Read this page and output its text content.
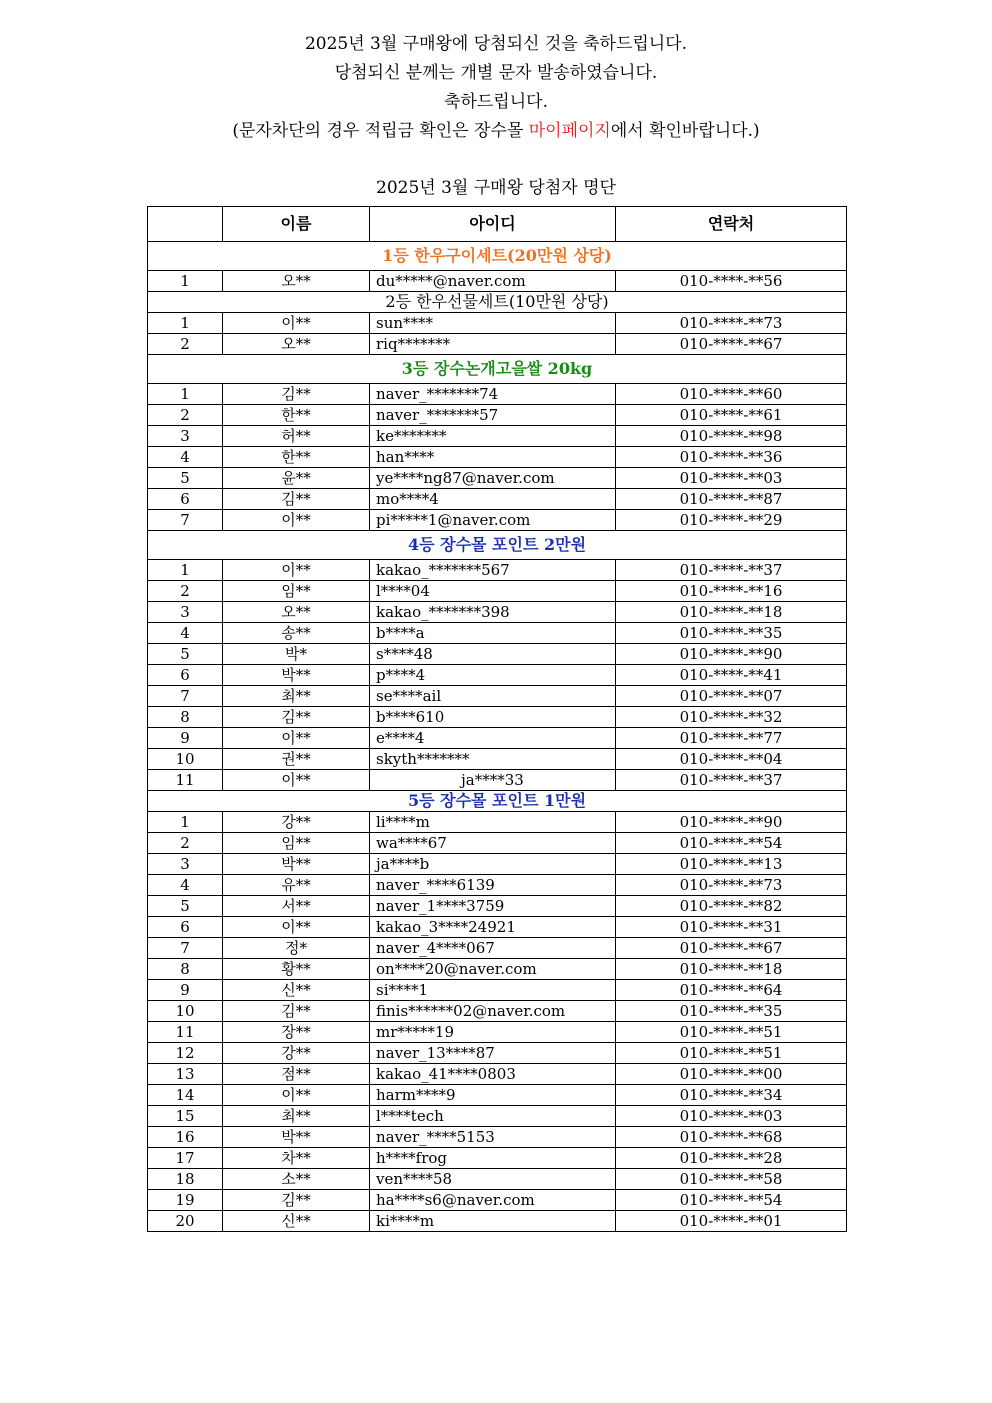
2025년 3월 구매왕에 당첨되신 것을 축하드립니다.
당첨되신 분께는 개별 문자 발송하였습니다.
축하드립니다.
(문자차단의 경우 적립금 확인은 장수몰 마이페이지에서 확인바랍니다.)
2025년 3월 구매왕 당첨자 명단
	이름	아이디	연락처
1등 한우구이세트(20만원 상당)			
1	오**	du*****@naver.com	010-****-**56
2등 한우선물세트(10만원 상당)			
1	이**	sun****	010-****-**73
2	오**	riq*******	010-****-**67
3등 장수논개고을쌀 20kg			
1	김**	naver_*******74	010-****-**60
2	한**	naver_*******57	010-****-**61
3	허**	ke*******	010-****-**98
4	한**	han****	010-****-**36
5	윤**	ye****ng87@naver.com	010-****-**03
6	김**	mo****4	010-****-**87
7	이**	pi*****1@naver.com	010-****-**29
4등 장수몰 포인트 2만원			
1	이**	kakao_*******567	010-****-**37
2	임**	l****04	010-****-**16
3	오**	kakao_*******398	010-****-**18
4	송**	b****a	010-****-**35
5	박*	s****48	010-****-**90
6	박**	p****4	010-****-**41
7	최**	se****ail	010-****-**07
8	김**	b****610	010-****-**32
9	이**	e****4	010-****-**77
10	권**	skyth*******	010-****-**04
11	이**	ja****33	010-****-**37
5등 장수몰 포인트 1만원			
1	강**	li****m	010-****-**90
2	임**	wa****67	010-****-**54
3	박**	ja****b	010-****-**13
4	유**	naver_****6139	010-****-**73
5	서**	naver_1****3759	010-****-**82
6	이**	kakao_3****24921	010-****-**31
7	정*	naver_4****067	010-****-**67
8	황**	on****20@naver.com	010-****-**18
9	신**	si****1	010-****-**64
10	김**	finis******02@naver.com	010-****-**35
11	장**	mr*****19	010-****-**51
12	강**	naver_13****87	010-****-**51
13	점**	kakao_41****0803	010-****-**00
14	이**	harm****9	010-****-**34
15	최**	l****tech	010-****-**03
16	박**	naver_****5153	010-****-**68
17	차**	h****frog	010-****-**28
18	소**	ven****58	010-****-**58
19	김**	ha****s6@naver.com	010-****-**54
20	신**	ki****m	010-****-**01
